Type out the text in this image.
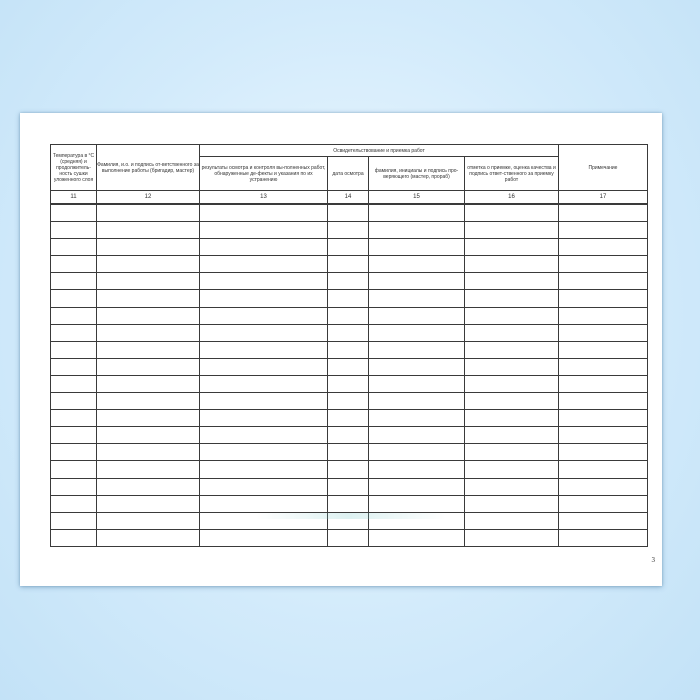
Температура в °С (средняя) и продолжитель-ность сушки уложенного слоя	Фамилия, и.о. и подпись от-ветственного за выполнение работы (бригадир, мастер)	Освидетельствование и приемка работ				Примечание
		результаты осмотра и контроля вы-полненных работ, обнаруженные де-фекты и указания по их устранению	дата осмотра	фамилия, инициалы и подпись про-веряющего (мастер, прораб)	отметка о приемке, оценка качества и подпись ответ-ственного за приемку работ	
11	12	13	14	15	16	17

3
